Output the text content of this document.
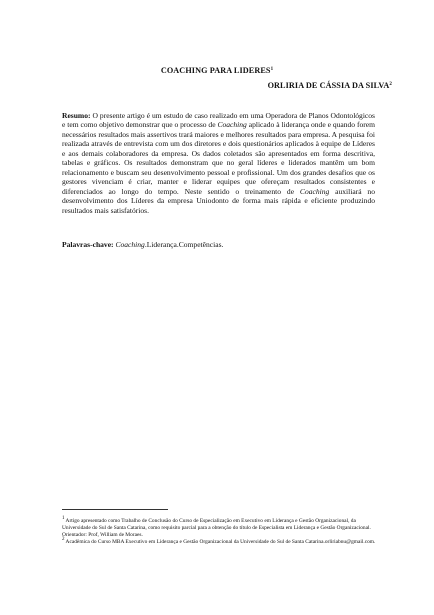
COACHING PARA LIDERES$^1$
ORLIRIA DE CÁSSIA DA SILVA$^2$
Resumo: O presente artigo é um estudo de caso realizado em uma Operadora de Planos Odontológicos e tem como objetivo demonstrar que o processo de Coaching aplicado à liderança onde e quando forem necessários resultados mais assertivos trará maiores e melhores resultados para empresa. A pesquisa foi realizada através de entrevista com um dos diretores e dois questionários aplicados à equipe de Líderes e aos demais colaboradores da empresa. Os dados coletados são apresentados em forma descritiva, tabelas e gráficos. Os resultados demonstram que no geral líderes e liderados mantêm um bom relacionamento e buscam seu desenvolvimento pessoal e profissional. Um dos grandes desafios que os gestores vivenciam é criar, manter e liderar equipes que ofereçam resultados consistentes e diferenciados ao longo do tempo. Neste sentido o treinamento de Coaching auxiliará no desenvolvimento dos Líderes da empresa Uniodonto de forma mais rápida e eficiente produzindo resultados mais satisfatórios.
Palavras-chave: Coaching.Liderança.Competências.

$^1$ Artigo apresentado como Trabalho de Conclusão do Curso de Especialização em Executivo em Liderança e Gestão Organizacional, da Universidade do Sul de Santa Catarina, como requisito parcial para a obtenção do título de Especialista em Liderança e Gestão Organizacional.

Orientador: Prof, William de Moraes.

$^2$ Acadêmica do Curso MBA Executivo em Liderança e Gestão Organizacional da Universidade do Sul de Santa Catarina.orliriabnu@gmail.com.
